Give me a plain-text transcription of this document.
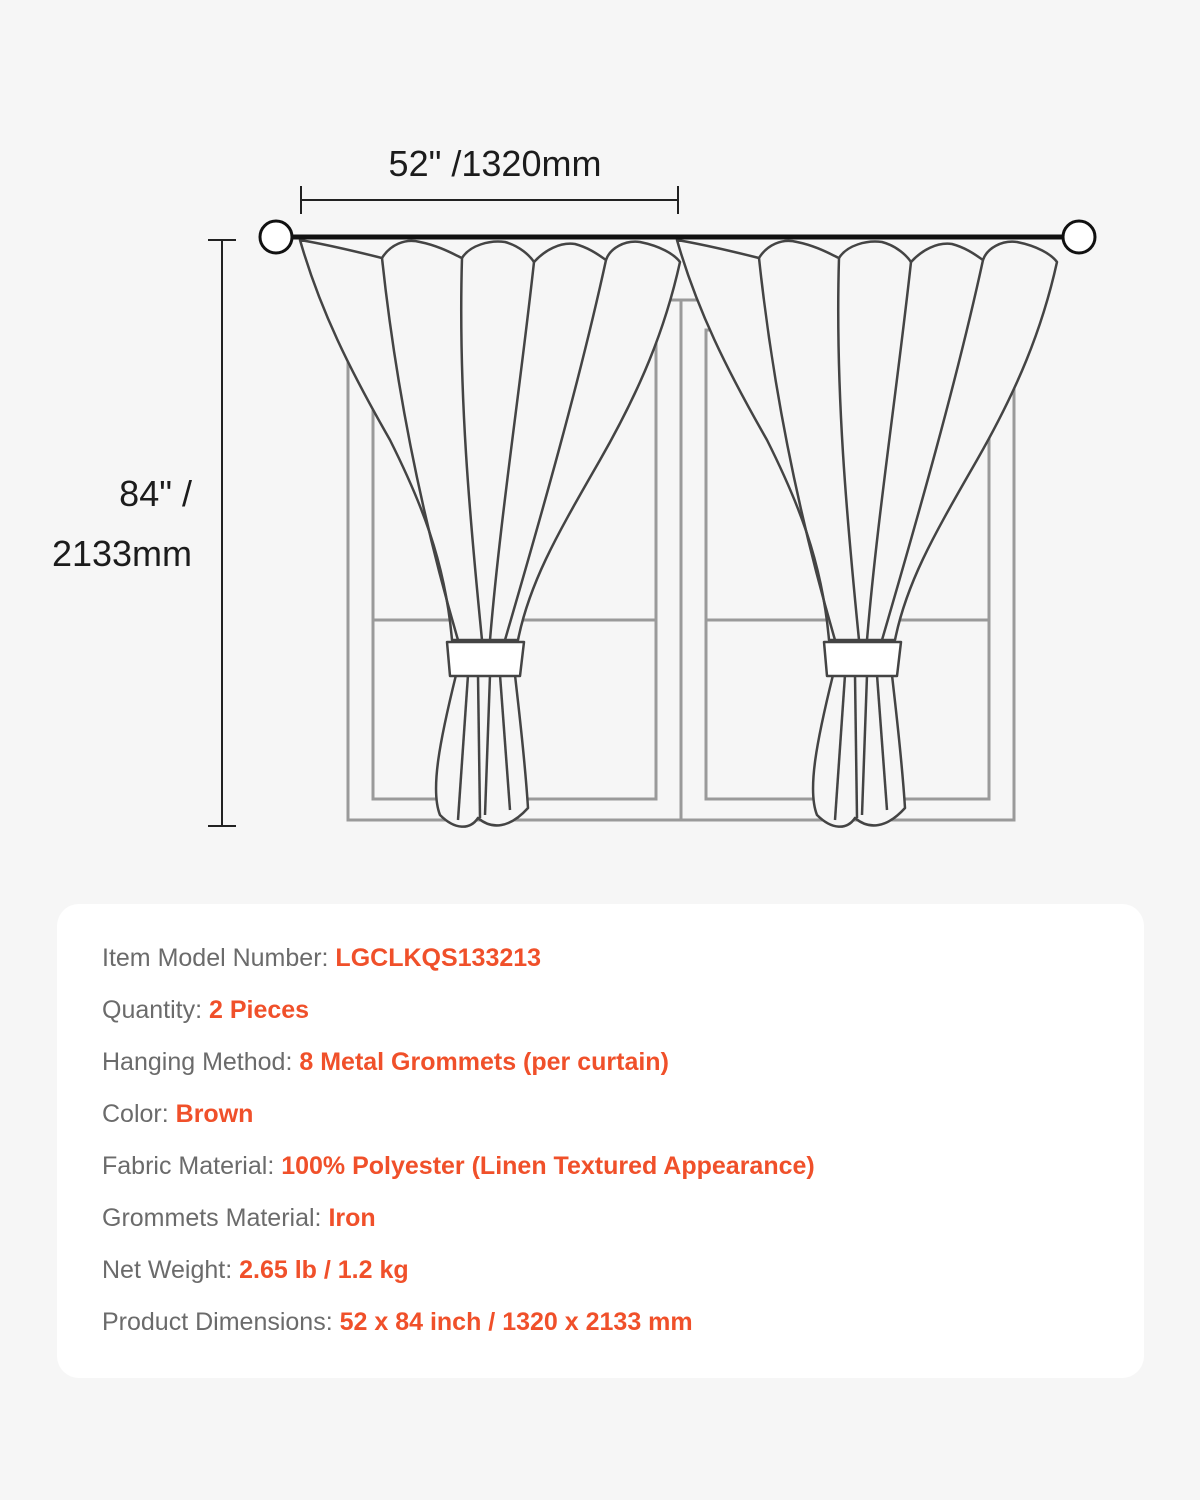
52" /1320mm
84" /
2133mm
Item Model Number: LGCLKQS133213
Quantity: 2 Pieces
Hanging Method: 8 Metal Grommets (per curtain)
Color: Brown
Fabric Material: 100% Polyester (Linen Textured Appearance)
Grommets Material: Iron
Net Weight: 2.65 lb / 1.2 kg
Product Dimensions: 52 x 84 inch / 1320 x 2133 mm
